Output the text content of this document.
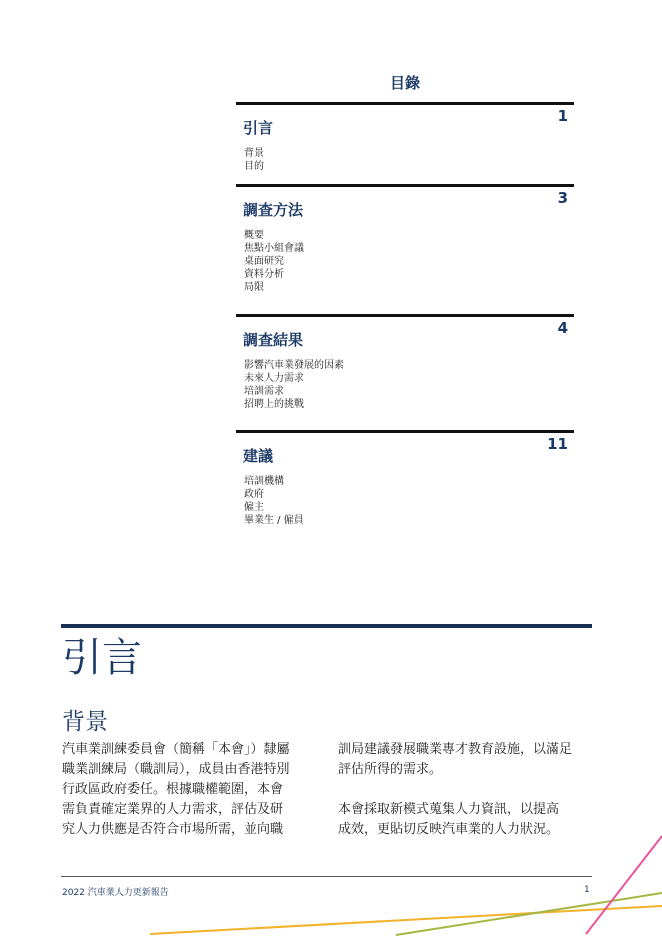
目錄
引言
1
背景
目的
調查方法
3
概要
焦點小組會議
桌面研究
資料分析
局限
調查結果
4
影響汽車業發展的因素
未來人力需求
培訓需求
招聘上的挑戰
建議
11
培訓機構
政府
僱主
畢業生 / 僱員
引言
背景

汽車業訓練委員會（簡稱「本會」）隸屬

職業訓練局（職訓局），成員由香港特別

行政區政府委任。根據職權範圍，本會

需負責確定業界的人力需求，評估及研

究人力供應是否符合市場所需，並向職

訓局建議發展職業專才教育設施，以滿足

評估所得的需求。

本會採取新模式蒐集人力資訊，以提高

成效，更貼切反映汽車業的人力狀況。

2022 汽車業人力更新報告	1
